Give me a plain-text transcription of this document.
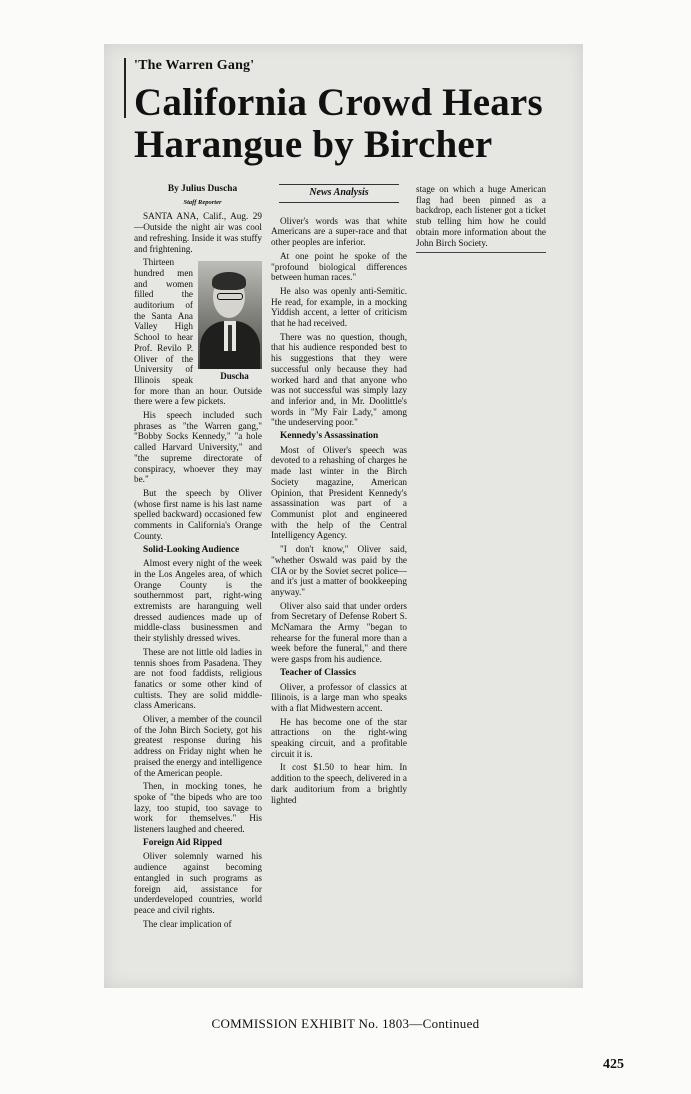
'The Warren Gang'
California Crowd Hears
Harangue by Bircher

By Julius Duscha

Staff Reporter

SANTA ANA, Calif., Aug. 29—Outside the night air was cool and refreshing. Inside it was stuffy and frightening.

Duscha
Thirteen hundred men and women filled the auditorium of the Santa Ana Valley High School to hear Prof. Revilo P. Oliver of the University of Illinois speak for more than an hour. Outside there were a few pickets.

His speech included such phrases as "the Warren gang," "Bobby Socks Kennedy," "a hole called Harvard University," and "the supreme directorate of conspiracy, whoever they may be."

But the speech by Oliver (whose first name is his last name spelled backward) occasioned few comments in California's Orange County.

Solid-Looking Audience

Almost every night of the week in the Los Angeles area, of which Orange County is the southernmost part, right-wing extremists are haranguing well dressed audiences made up of middle-class businessmen and their stylishly dressed wives.

These are not little old ladies in tennis shoes from Pasadena. They are not food faddists, religious fanatics or some other kind of cultists. They are solid middle-class Americans.

Oliver, a member of the council of the John Birch Society, got his greatest response during his address on Friday night when he praised the energy and intelligence of the American people.

Then, in mocking tones, he spoke of "the bipeds who are too lazy, too stupid, too savage to work for themselves." His listeners laughed and cheered.

Foreign Aid Ripped

Oliver solemnly warned his audience against becoming entangled in such programs as foreign aid, assistance for underdeveloped countries, world peace and civil rights.

The clear implication of

News Analysis

Oliver's words was that white Americans are a super-race and that other peoples are inferior.

At one point he spoke of the "profound biological differences between human races."

He also was openly anti-Semitic. He read, for example, in a mocking Yiddish accent, a letter of criticism that he had received.

There was no question, though, that his audience responded best to his suggestions that they were successful only because they had worked hard and that anyone who was not successful was simply lazy and inferior and, in Mr. Doolittle's words in "My Fair Lady," among "the undeserving poor."

Kennedy's Assassination

Most of Oliver's speech was devoted to a rehashing of charges he made last winter in the Birch Society magazine, American Opinion, that President Kennedy's assassination was part of a Communist plot and engineered with the help of the Central Intelligency Agency.

"I don't know," Oliver said, "whether Oswald was paid by the CIA or by the Soviet secret police—and it's just a matter of bookkeeping anyway."

Oliver also said that under orders from Secretary of Defense Robert S. McNamara the Army "began to rehearse for the funeral more than a week before the funeral," and there were gasps from his audience.

Teacher of Classics

Oliver, a professor of classics at Illinois, is a large man who speaks with a flat Midwestern accent.

He has become one of the star attractions on the right-wing speaking circuit, and a profitable circuit it is.

It cost $1.50 to hear him. In addition to the speech, delivered in a dark auditorium from a brightly lighted

stage on which a huge American flag had been pinned as a backdrop, each listener got a ticket stub telling him how he could obtain more information about the John Birch Society.

COMMISSION EXHIBIT No. 1803—Continued
425
